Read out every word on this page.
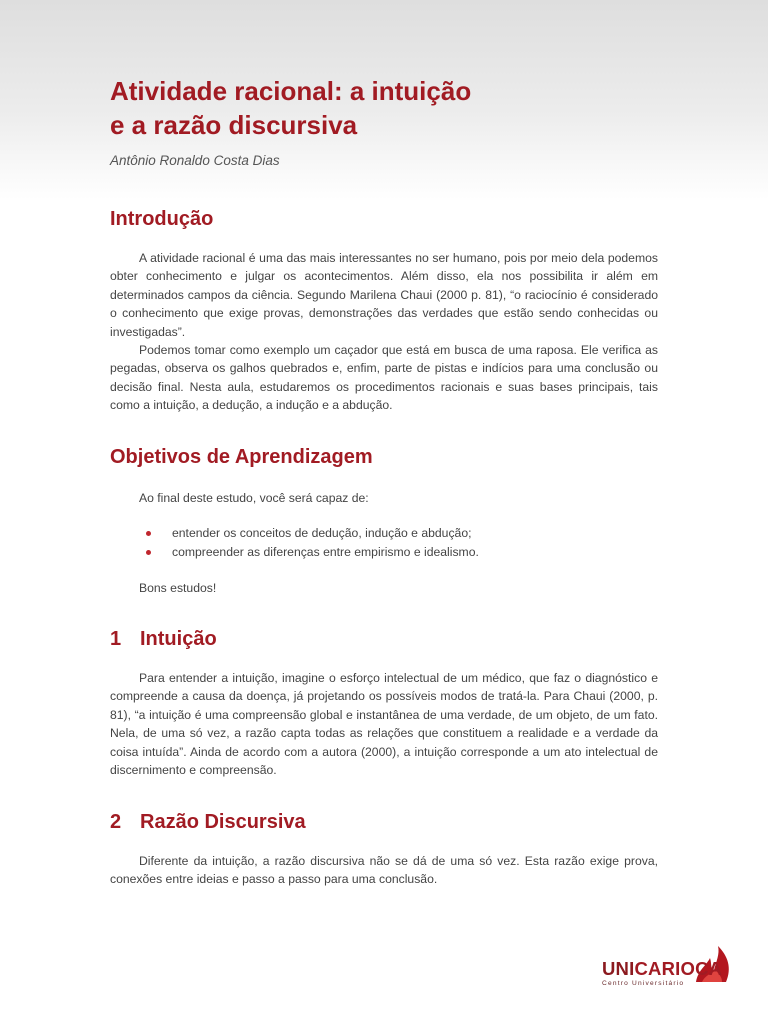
Atividade racional: a intuição
e a razão discursiva
Antônio Ronaldo Costa Dias
Introdução

A atividade racional é uma das mais interessantes no ser humano, pois por meio dela podemos obter conhecimento e julgar os acontecimentos. Além disso, ela nos possibilita ir além em determinados campos da ciência. Segundo Marilena Chaui (2000 p. 81), “o raciocínio é considerado o conhecimento que exige provas, demonstrações das verdades que estão sendo conhecidas ou investigadas”.

Podemos tomar como exemplo um caçador que está em busca de uma raposa. Ele verifica as pegadas, observa os galhos quebrados e, enfim, parte de pistas e indícios para uma conclusão ou decisão final. Nesta aula, estudaremos os procedimentos racionais e suas bases principais, tais como a intuição, a dedução, a indução e a abdução.

Objetivos de Aprendizagem

Ao final deste estudo, você será capaz de:

entender os conceitos de dedução, indução e abdução;
compreender as diferenças entre empirismo e idealismo.

Bons estudos!

1 Intuição

Para entender a intuição, imagine o esforço intelectual de um médico, que faz o diagnóstico e compreende a causa da doença, já projetando os possíveis modos de tratá-la. Para Chaui (2000, p. 81), “a intuição é uma compreensão global e instantânea de uma verdade, de um objeto, de um fato. Nela, de uma só vez, a razão capta todas as relações que constituem a realidade e a verdade da coisa intuída”. Ainda de acordo com a autora (2000), a intuição corresponde a um ato intelectual de discernimento e compreensão.

2 Razão Discursiva

Diferente da intuição, a razão discursiva não se dá de uma só vez. Esta razão exige prova, conexões entre ideias e passo a passo para uma conclusão.

UNICARIOCA
Centro Universitário
